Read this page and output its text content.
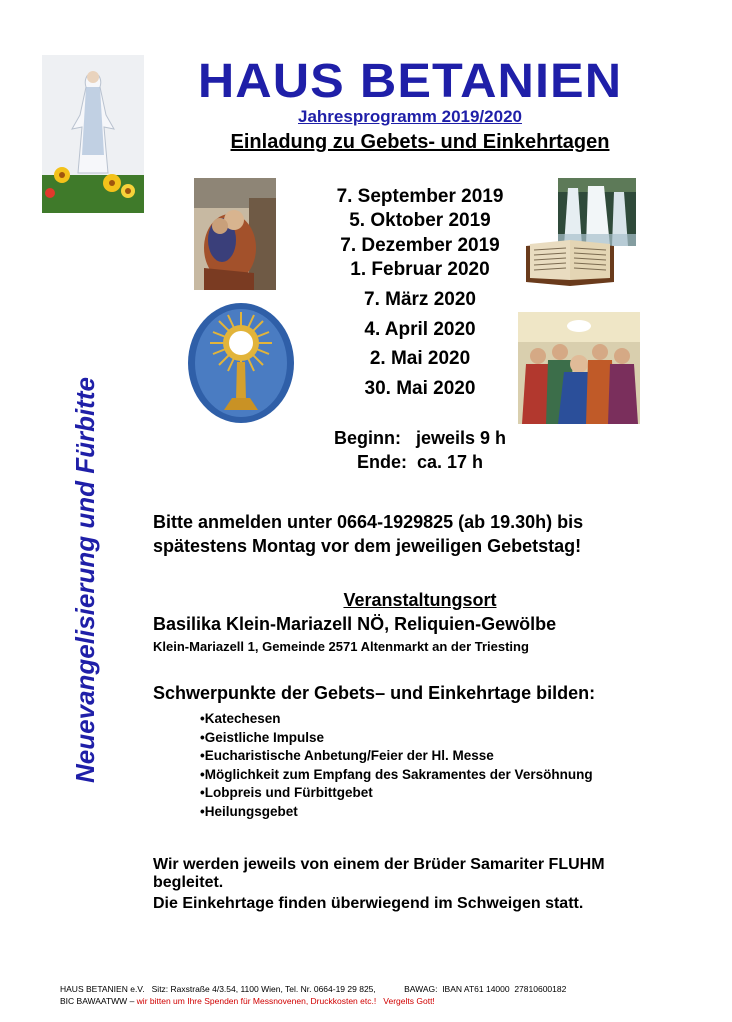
HAUS BETANIEN
Jahresprogramm 2019/2020
Einladung zu Gebets- und Einkehrtagen
7. September 2019
5. Oktober 2019
7. Dezember 2019
1. Februar 2020
7. März 2020
4. April 2020
2. Mai 2020
30. Mai 2020
Beginn:   jeweils 9 h
Ende:  ca. 17 h
Bitte anmelden unter 0664-1929825 (ab 19.30h) bis
spätestens Montag vor dem jeweiligen Gebetstag!
Veranstaltungsort
Basilika Klein-Mariazell NÖ, Reliquien-Gewölbe
Klein-Mariazell 1, Gemeinde 2571 Altenmarkt an der Triesting
Schwerpunkte der Gebets– und Einkehrtage bilden:
•Katechesen
•Geistliche Impulse
•Eucharistische Anbetung/Feier der Hl. Messe
•Möglichkeit zum Empfang des Sakramentes der Versöhnung
•Lobpreis und Fürbittgebet
•Heilungsgebet
Wir werden jeweils von einem der Brüder Samariter FLUHM
begleitet.
Die Einkehrtage finden überwiegend im Schweigen statt.
Neuevangelisierung und Fürbitte
HAUS BETANIEN e.V.   Sitz: Raxstraße 4/3.54, 1100 Wien, Tel. Nr. 0664-19 29 825,            BAWAG:  IBAN AT61 14000  27810600182
BIC BAWAATWW – wir bitten um Ihre Spenden für Messnovenen, Druckkosten etc.!   Vergelts Gott!
